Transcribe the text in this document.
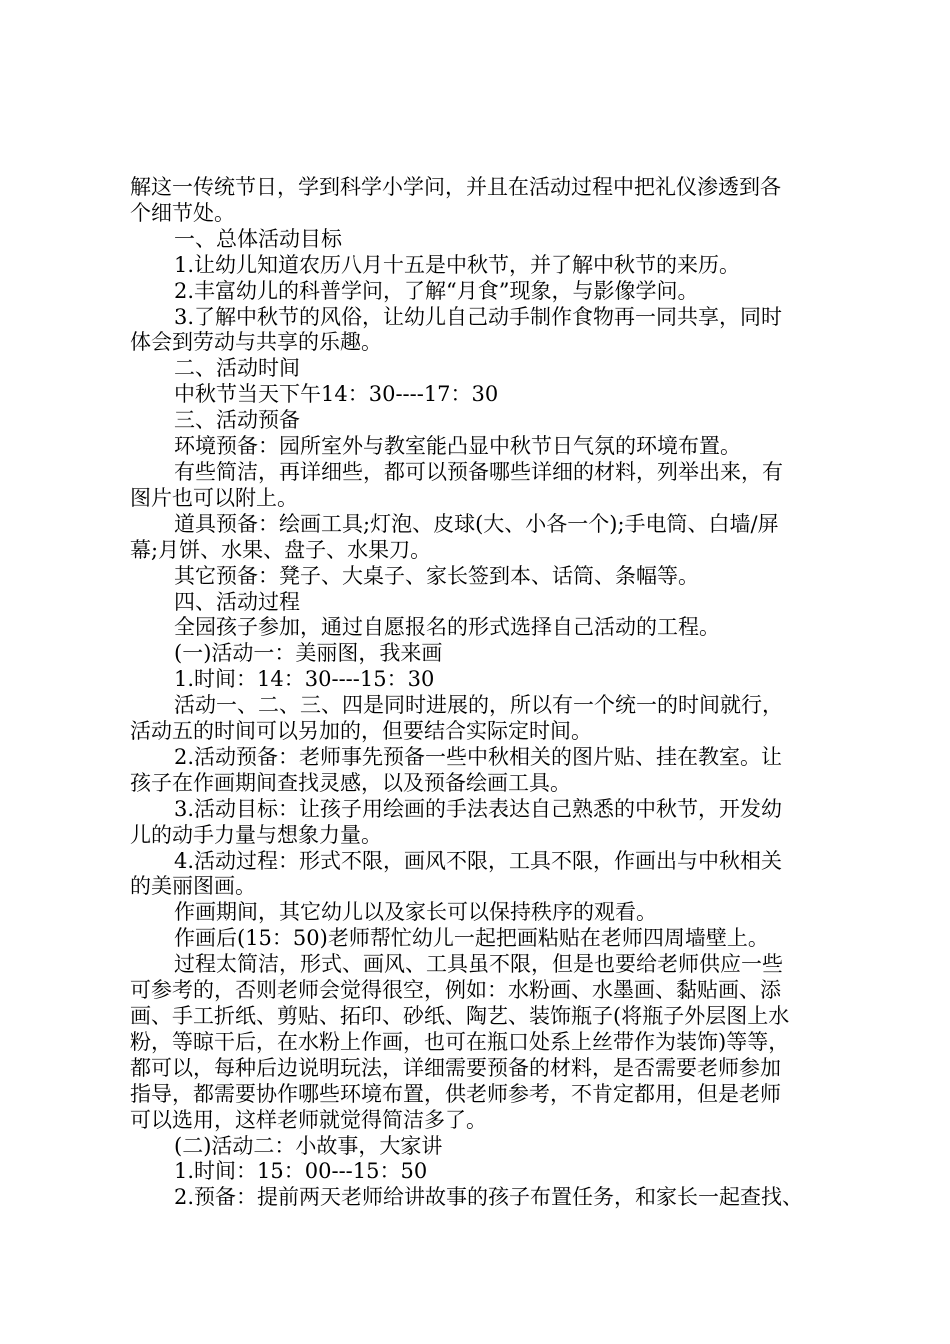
解这一传统节日，学到科学小学问，并且在活动过程中把礼仪渗透到各

个细节处。

一、总体活动目标

1.让幼儿知道农历八月十五是中秋节，并了解中秋节的来历。

2.丰富幼儿的科普学问，了解“月食”现象，与影像学问。

3.了解中秋节的风俗，让幼儿自己动手制作食物再一同共享，同时

体会到劳动与共享的乐趣。

二、活动时间

中秋节当天下午14：30----17：30

三、活动预备

环境预备：园所室外与教室能凸显中秋节日气氛的环境布置。

有些简洁，再详细些，都可以预备哪些详细的材料，列举出来，有

图片也可以附上。

道具预备：绘画工具;灯泡、皮球(大、小各一个);手电筒、白墙/屏

幕;月饼、水果、盘子、水果刀。

其它预备：凳子、大桌子、家长签到本、话筒、条幅等。

四、活动过程

全园孩子参加，通过自愿报名的形式选择自己活动的工程。

(一)活动一：美丽图，我来画

1.时间：14：30----15：30

活动一、二、三、四是同时进展的，所以有一个统一的时间就行，

活动五的时间可以另加的，但要结合实际定时间。

2.活动预备：老师事先预备一些中秋相关的图片贴、挂在教室。让

孩子在作画期间查找灵感，以及预备绘画工具。

3.活动目标：让孩子用绘画的手法表达自己熟悉的中秋节，开发幼

儿的动手力量与想象力量。

4.活动过程：形式不限，画风不限，工具不限，作画出与中秋相关

的美丽图画。

作画期间，其它幼儿以及家长可以保持秩序的观看。

作画后(15：50)老师帮忙幼儿一起把画粘贴在老师四周墙壁上。

过程太简洁，形式、画风、工具虽不限，但是也要给老师供应一些

可参考的，否则老师会觉得很空，例如：水粉画、水墨画、黏贴画、添

画、手工折纸、剪贴、拓印、砂纸、陶艺、装饰瓶子(将瓶子外层图上水

粉，等晾干后，在水粉上作画，也可在瓶口处系上丝带作为装饰)等等，

都可以，每种后边说明玩法，详细需要预备的材料，是否需要老师参加

指导，都需要协作哪些环境布置，供老师参考，不肯定都用，但是老师

可以选用，这样老师就觉得简洁多了。

(二)活动二：小故事，大家讲

1.时间：15：00---15：50

2.预备：提前两天老师给讲故事的孩子布置任务，和家长一起查找、
